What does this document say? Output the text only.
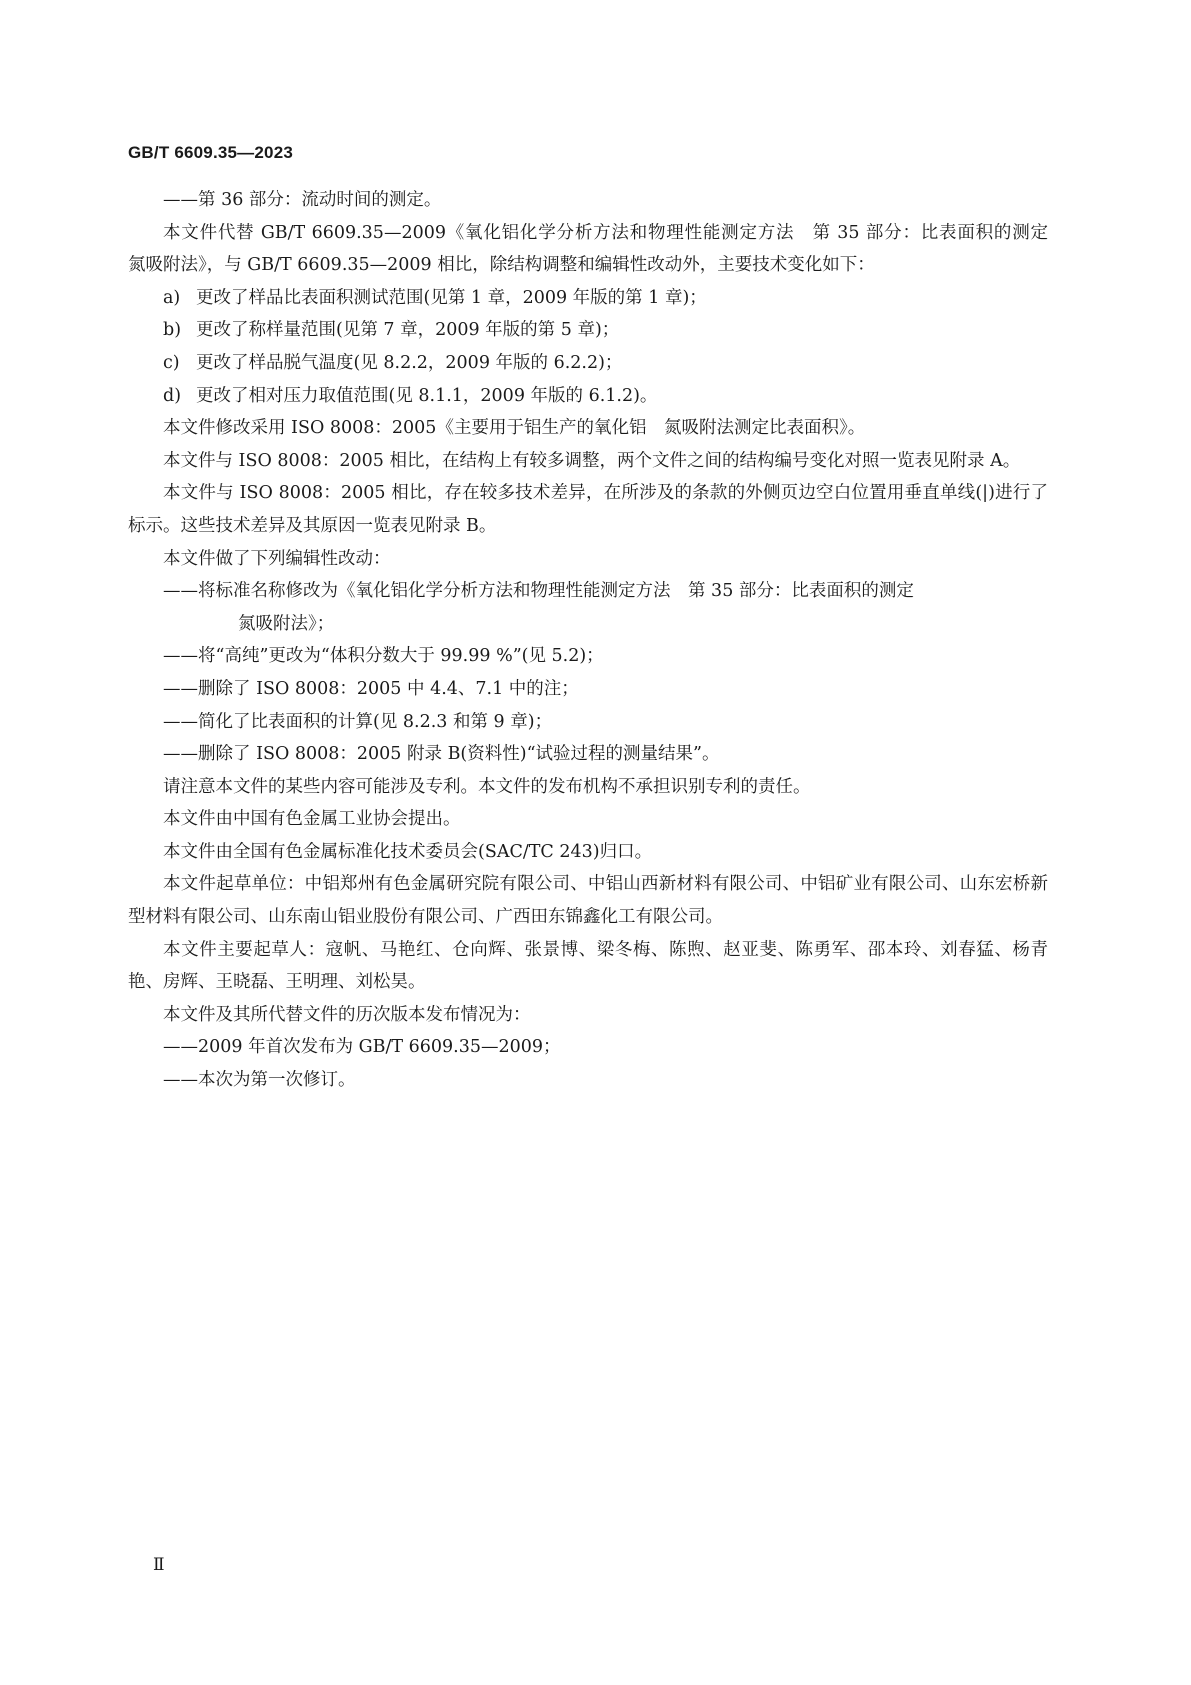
GB/T 6609.35—2023
——第 36 部分：流动时间的测定。

本文件代替 GB/T 6609.35—2009《氧化铝化学分析方法和物理性能测定方法　第 35 部分：比表面积的测定　氮吸附法》，与 GB/T 6609.35—2009 相比，除结构调整和编辑性改动外，主要技术变化如下：

a) 更改了样品比表面积测试范围(见第 1 章，2009 年版的第 1 章)；
b) 更改了称样量范围(见第 7 章，2009 年版的第 5 章)；
c) 更改了样品脱气温度(见 8.2.2，2009 年版的 6.2.2)；
d) 更改了相对压力取值范围(见 8.1.1，2009 年版的 6.1.2)。

本文件修改采用 ISO 8008：2005《主要用于铝生产的氧化铝　氮吸附法测定比表面积》。

本文件与 ISO 8008：2005 相比，在结构上有较多调整，两个文件之间的结构编号变化对照一览表见附录 A。

本文件与 ISO 8008：2005 相比，存在较多技术差异，在所涉及的条款的外侧页边空白位置用垂直单线(|)进行了标示。这些技术差异及其原因一览表见附录 B。

本文件做了下列编辑性改动：

——将标准名称修改为《氧化铝化学分析方法和物理性能测定方法　第 35 部分：比表面积的测定
氮吸附法》；
——将“高纯”更改为“体积分数大于 99.99 %”(见 5.2)；
——删除了 ISO 8008：2005 中 4.4、7.1 中的注；
——简化了比表面积的计算(见 8.2.3 和第 9 章)；
——删除了 ISO 8008：2005 附录 B(资料性)“试验过程的测量结果”。

请注意本文件的某些内容可能涉及专利。本文件的发布机构不承担识别专利的责任。

本文件由中国有色金属工业协会提出。

本文件由全国有色金属标准化技术委员会(SAC/TC 243)归口。

本文件起草单位：中铝郑州有色金属研究院有限公司、中铝山西新材料有限公司、中铝矿业有限公司、山东宏桥新型材料有限公司、山东南山铝业股份有限公司、广西田东锦鑫化工有限公司。

本文件主要起草人：寇帆、马艳红、仓向辉、张景博、梁冬梅、陈煦、赵亚斐、陈勇军、邵本玲、刘春猛、杨青艳、房辉、王晓磊、王明理、刘松昊。

本文件及其所代替文件的历次版本发布情况为：

——2009 年首次发布为 GB/T 6609.35—2009；
——本次为第一次修订。
Ⅱ
